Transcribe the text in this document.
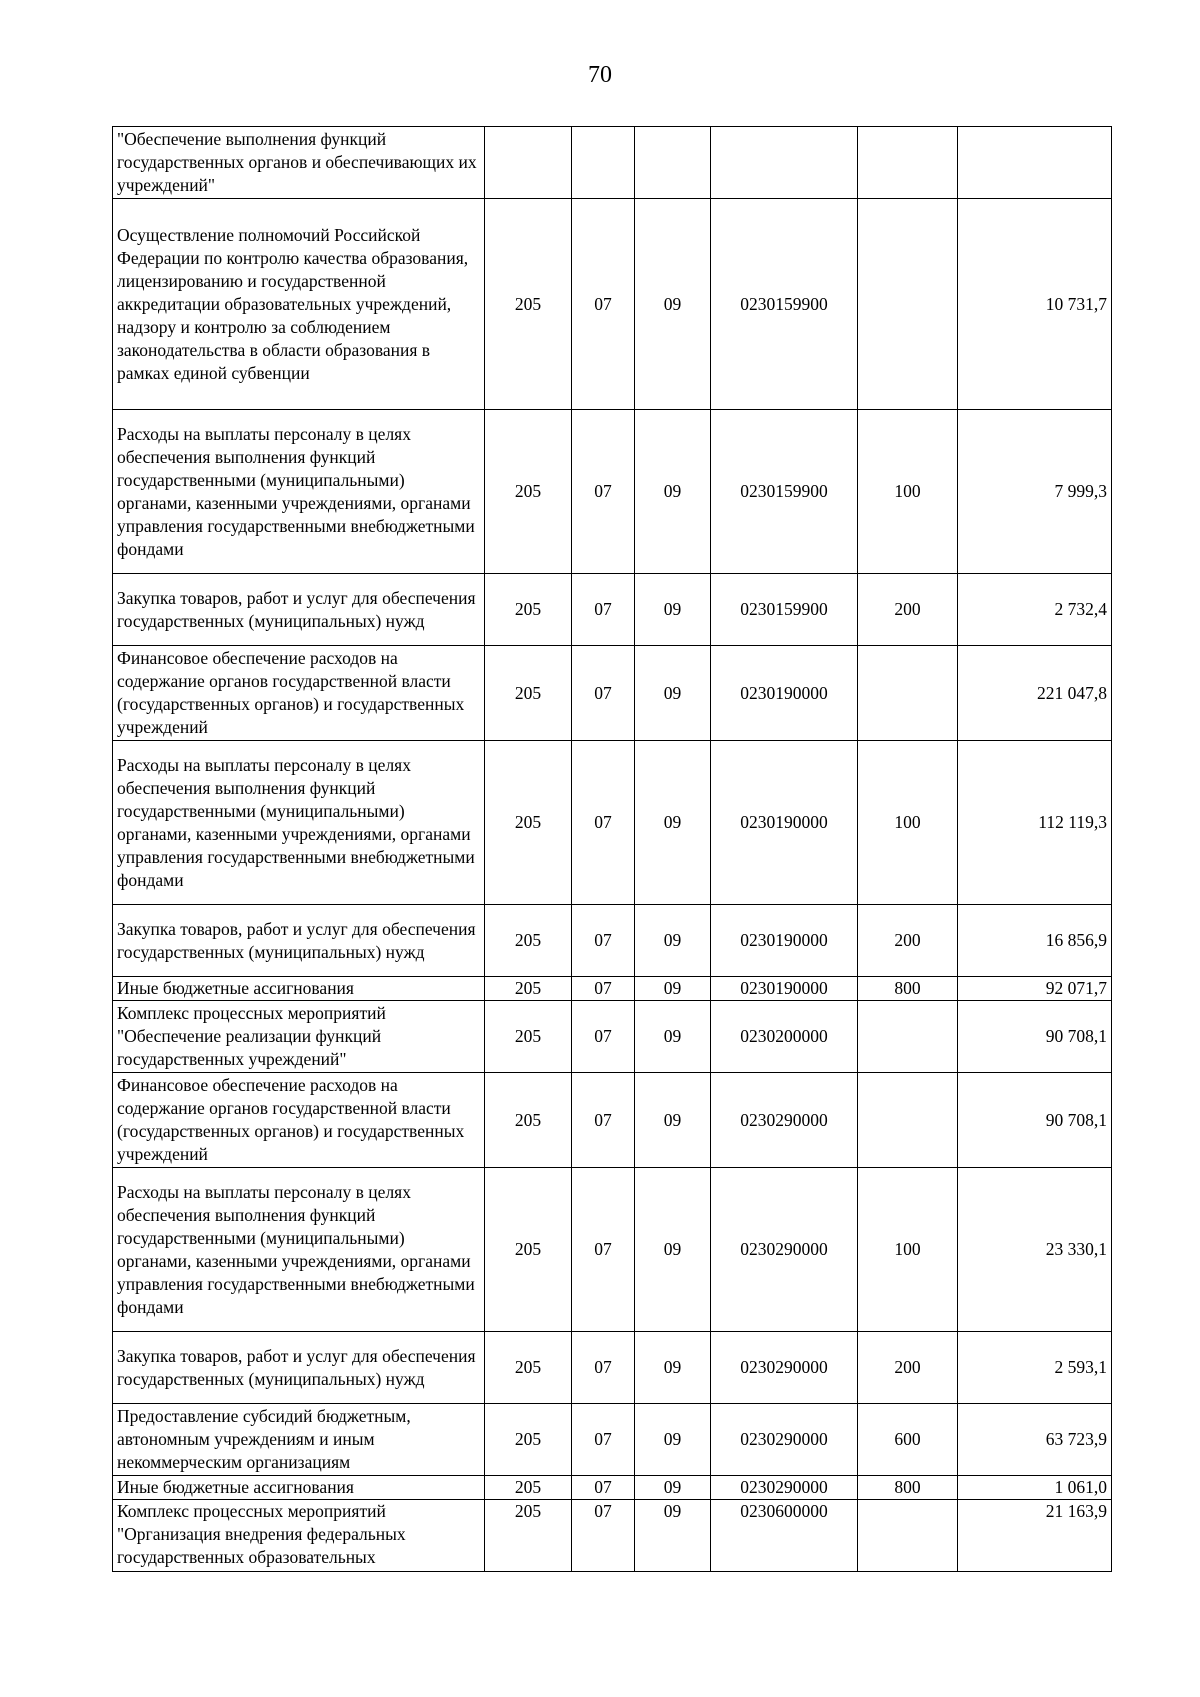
70
"Обеспечение выполнения функций государственных органов и обеспечивающих их учреждений"						
Осуществление полномочий Российской Федерации по контролю качества образования, лицензированию и государственной аккредитации образовательных учреждений, надзору и контролю за соблюдением законодательства в области образования в рамках единой субвенции	205	07	09	0230159900		10 731,7
Расходы на выплаты персоналу в целях обеспечения выполнения функций государственными (муниципальными) органами, казенными учреждениями, органами управления государственными внебюджетными фондами	205	07	09	0230159900	100	7 999,3
Закупка товаров, работ и услуг для обеспечения государственных (муниципальных) нужд	205	07	09	0230159900	200	2 732,4
Финансовое обеспечение расходов на содержание органов государственной власти (государственных органов) и государственных учреждений	205	07	09	0230190000		221 047,8
Расходы на выплаты персоналу в целях обеспечения выполнения функций государственными (муниципальными) органами, казенными учреждениями, органами управления государственными внебюджетными фондами	205	07	09	0230190000	100	112 119,3
Закупка товаров, работ и услуг для обеспечения государственных (муниципальных) нужд	205	07	09	0230190000	200	16 856,9
Иные бюджетные ассигнования	205	07	09	0230190000	800	92 071,7
Комплекс процессных мероприятий "Обеспечение реализации функций государственных учреждений"	205	07	09	0230200000		90 708,1
Финансовое обеспечение расходов на содержание органов государственной власти (государственных органов) и государственных учреждений	205	07	09	0230290000		90 708,1
Расходы на выплаты персоналу в целях обеспечения выполнения функций государственными (муниципальными) органами, казенными учреждениями, органами управления государственными внебюджетными фондами	205	07	09	0230290000	100	23 330,1
Закупка товаров, работ и услуг для обеспечения государственных (муниципальных) нужд	205	07	09	0230290000	200	2 593,1
Предоставление субсидий бюджетным, автономным учреждениям и иным некоммерческим организациям	205	07	09	0230290000	600	63 723,9
Иные бюджетные ассигнования	205	07	09	0230290000	800	1 061,0
Комплекс процессных мероприятий "Организация внедрения федеральных государственных образовательных	205	07	09	0230600000		21 163,9
